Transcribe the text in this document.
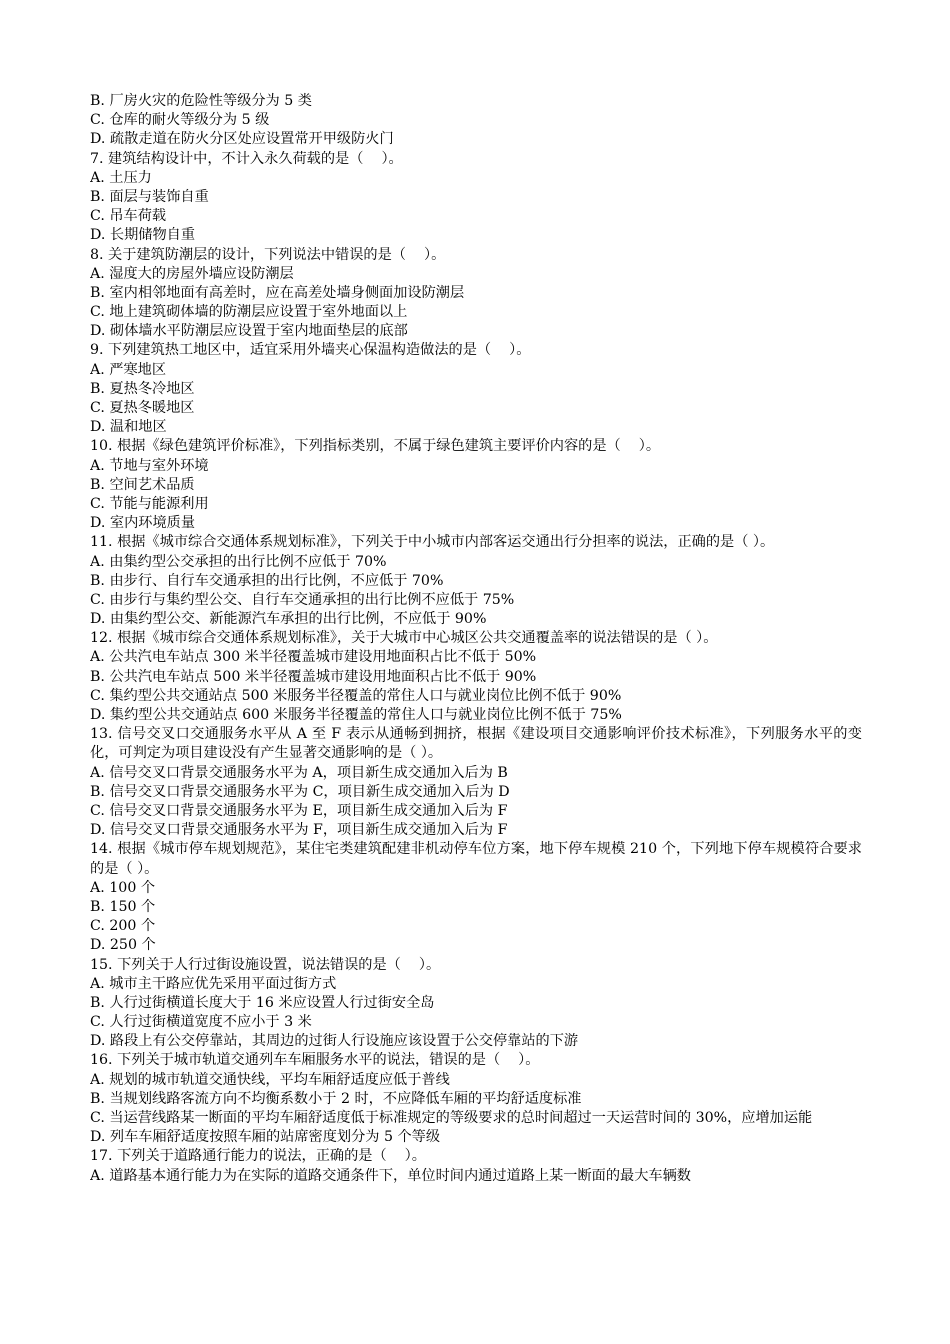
B. 厂房火灾的危险性等级分为 5 类
C. 仓库的耐火等级分为 5 级
D. 疏散走道在防火分区处应设置常开甲级防火门
7. 建筑结构设计中，不计入永久荷载的是（    ）。
A. 土压力
B. 面层与装饰自重
C. 吊车荷载
D. 长期储物自重
8. 关于建筑防潮层的设计，下列说法中错误的是（    ）。
A. 湿度大的房屋外墙应设防潮层
B. 室内相邻地面有高差时，应在高差处墙身侧面加设防潮层
C. 地上建筑砌体墙的防潮层应设置于室外地面以上
D. 砌体墙水平防潮层应设置于室内地面垫层的底部
9. 下列建筑热工地区中，适宜采用外墙夹心保温构造做法的是（    ）。
A. 严寒地区
B. 夏热冬冷地区
C. 夏热冬暖地区
D. 温和地区
10. 根据《绿色建筑评价标准》，下列指标类别，不属于绿色建筑主要评价内容的是（    ）。
A. 节地与室外环境
B. 空间艺术品质
C. 节能与能源利用
D. 室内环境质量
11. 根据《城市综合交通体系规划标准》，下列关于中小城市内部客运交通出行分担率的说法，正确的是（ ）。
A. 由集约型公交承担的出行比例不应低于 70%
B. 由步行、自行车交通承担的出行比例，不应低于 70%
C. 由步行与集约型公交、自行车交通承担的出行比例不应低于 75%
D. 由集约型公交、新能源汽车承担的出行比例，不应低于 90%
12. 根据《城市综合交通体系规划标准》，关于大城市中心城区公共交通覆盖率的说法错误的是（ ）。
A. 公共汽电车站点 300 米半径覆盖城市建设用地面积占比不低于 50%
B. 公共汽电车站点 500 米半径覆盖城市建设用地面积占比不低于 90%
C. 集约型公共交通站点 500 米服务半径覆盖的常住人口与就业岗位比例不低于 90%
D. 集约型公共交通站点 600 米服务半径覆盖的常住人口与就业岗位比例不低于 75%
13. 信号交叉口交通服务水平从 A 至 F 表示从通畅到拥挤，根据《建设项目交通影响评价技术标准》，下列服务水平的变化，可判定为项目建设没有产生显著交通影响的是（ ）。
A. 信号交叉口背景交通服务水平为 A，项目新生成交通加入后为 B
B. 信号交叉口背景交通服务水平为 C，项目新生成交通加入后为 D
C. 信号交叉口背景交通服务水平为 E，项目新生成交通加入后为 F
D. 信号交叉口背景交通服务水平为 F，项目新生成交通加入后为 F
14. 根据《城市停车规划规范》，某住宅类建筑配建非机动停车位方案，地下停车规模 210 个，下列地下停车规模符合要求的是（ ）。
A. 100 个
B. 150 个
C. 200 个
D. 250 个
15. 下列关于人行过街设施设置，说法错误的是（    ）。
A. 城市主干路应优先采用平面过街方式
B. 人行过街横道长度大于 16 米应设置人行过街安全岛
C. 人行过街横道宽度不应小于 3 米
D. 路段上有公交停靠站，其周边的过街人行设施应该设置于公交停靠站的下游
16. 下列关于城市轨道交通列车车厢服务水平的说法，错误的是（    ）。
A. 规划的城市轨道交通快线，平均车厢舒适度应低于普线
B. 当规划线路客流方向不均衡系数小于 2 时，不应降低车厢的平均舒适度标准
C. 当运营线路某一断面的平均车厢舒适度低于标准规定的等级要求的总时间超过一天运营时间的 30%，应增加运能
D. 列车车厢舒适度按照车厢的站席密度划分为 5 个等级
17. 下列关于道路通行能力的说法，正确的是（    ）。
A. 道路基本通行能力为在实际的道路交通条件下，单位时间内通过道路上某一断面的最大车辆数
